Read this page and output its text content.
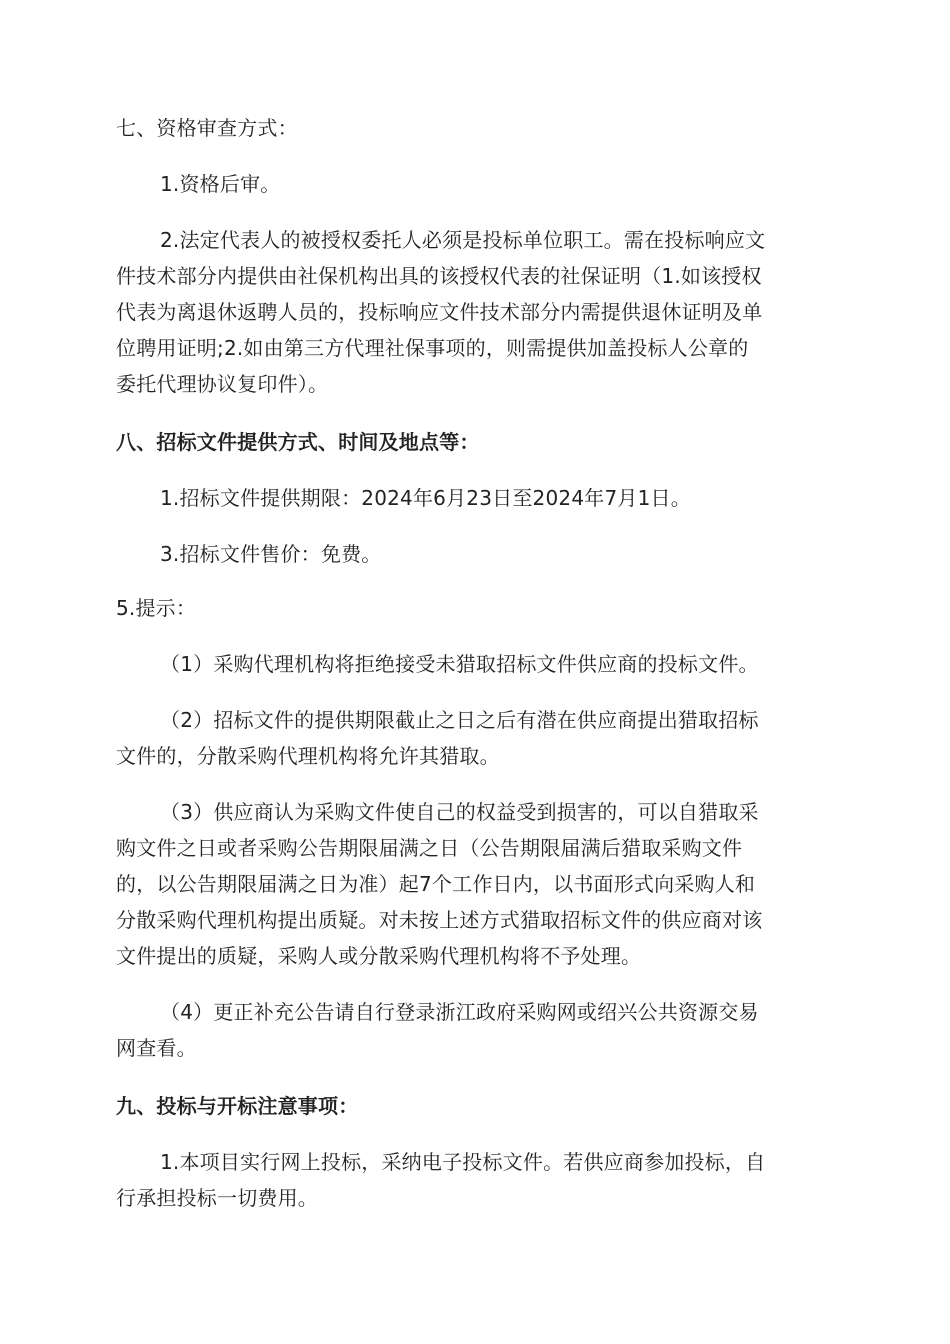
七、资格审查方式：
1.资格后审。
2.法定代表人的被授权委托人必须是投标单位职工。需在投标响应文
件技术部分内提供由社保机构出具的该授权代表的社保证明（1.如该授权
代表为离退休返聘人员的，投标响应文件技术部分内需提供退休证明及单
位聘用证明;2.如由第三方代理社保事项的，则需提供加盖投标人公章的
委托代理协议复印件）。
八、招标文件提供方式、时间及地点等：
1.招标文件提供期限：2024年6月23日至2024年7月1日。
3.招标文件售价：免费。
5.提示：
（1）采购代理机构将拒绝接受未猎取招标文件供应商的投标文件。
（2）招标文件的提供期限截止之日之后有潜在供应商提出猎取招标
文件的，分散采购代理机构将允许其猎取。
（3）供应商认为采购文件使自己的权益受到损害的，可以自猎取采
购文件之日或者采购公告期限届满之日（公告期限届满后猎取采购文件
的，以公告期限届满之日为准）起7个工作日内，以书面形式向采购人和
分散采购代理机构提出质疑。对未按上述方式猎取招标文件的供应商对该
文件提出的质疑，采购人或分散采购代理机构将不予处理。
（4）更正补充公告请自行登录浙江政府采购网或绍兴公共资源交易
网查看。
九、投标与开标注意事项：
1.本项目实行网上投标，采纳电子投标文件。若供应商参加投标，自
行承担投标一切费用。
